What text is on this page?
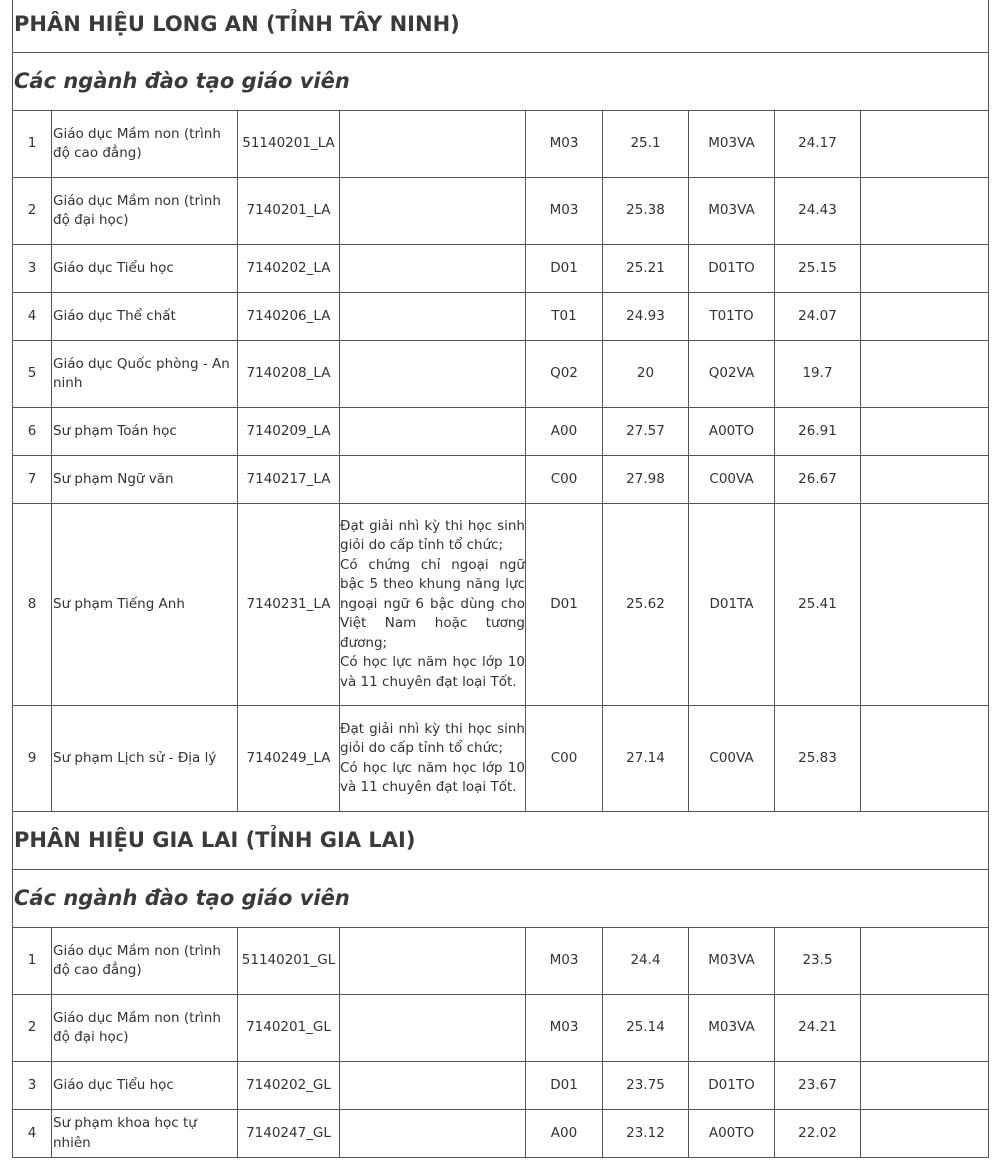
PHÂN HIỆU LONG AN (TỈNH TÂY NINH)								
Các ngành đào tạo giáo viên								
1	Giáo dục Mầm non (trình độ cao đẳng)	51140201_LA		M03	25.1	M03VA	24.17	
2	Giáo dục Mầm non (trình độ đại học)	7140201_LA		M03	25.38	M03VA	24.43	
3	Giáo dục Tiểu học	7140202_LA		D01	25.21	D01TO	25.15	
4	Giáo dục Thể chất	7140206_LA		T01	24.93	T01TO	24.07	
5	Giáo dục Quốc phòng - An ninh	7140208_LA		Q02	20	Q02VA	19.7	
6	Sư phạm Toán học	7140209_LA		A00	27.57	A00TO	26.91	
7	Sư phạm Ngữ văn	7140217_LA		C00	27.98	C00VA	26.67	
8	Sư phạm Tiếng Anh	7140231_LA	Đạt giải nhì kỳ thi học sinh giỏi do cấp tỉnh tổ chức;
Có chứng chỉ ngoại ngữ bậc 5 theo khung năng lực ngoại ngữ 6 bậc dùng cho Việt Nam hoặc tương đương;
Có học lực năm học lớp 10 và 11 chuyên đạt loại Tốt.	D01	25.62	D01TA	25.41	
9	Sư phạm Lịch sử - Địa lý	7140249_LA	Đạt giải nhì kỳ thi học sinh giỏi do cấp tỉnh tổ chức;
Có học lực năm học lớp 10 và 11 chuyên đạt loại Tốt.	C00	27.14	C00VA	25.83	
PHÂN HIỆU GIA LAI (TỈNH GIA LAI)								
Các ngành đào tạo giáo viên								
1	Giáo dục Mầm non (trình độ cao đẳng)	51140201_GL		M03	24.4	M03VA	23.5	
2	Giáo dục Mầm non (trình độ đại học)	7140201_GL		M03	25.14	M03VA	24.21	
3	Giáo dục Tiểu học	7140202_GL		D01	23.75	D01TO	23.67	
4	Sư phạm khoa học tự nhiên	7140247_GL		A00	23.12	A00TO	22.02	
